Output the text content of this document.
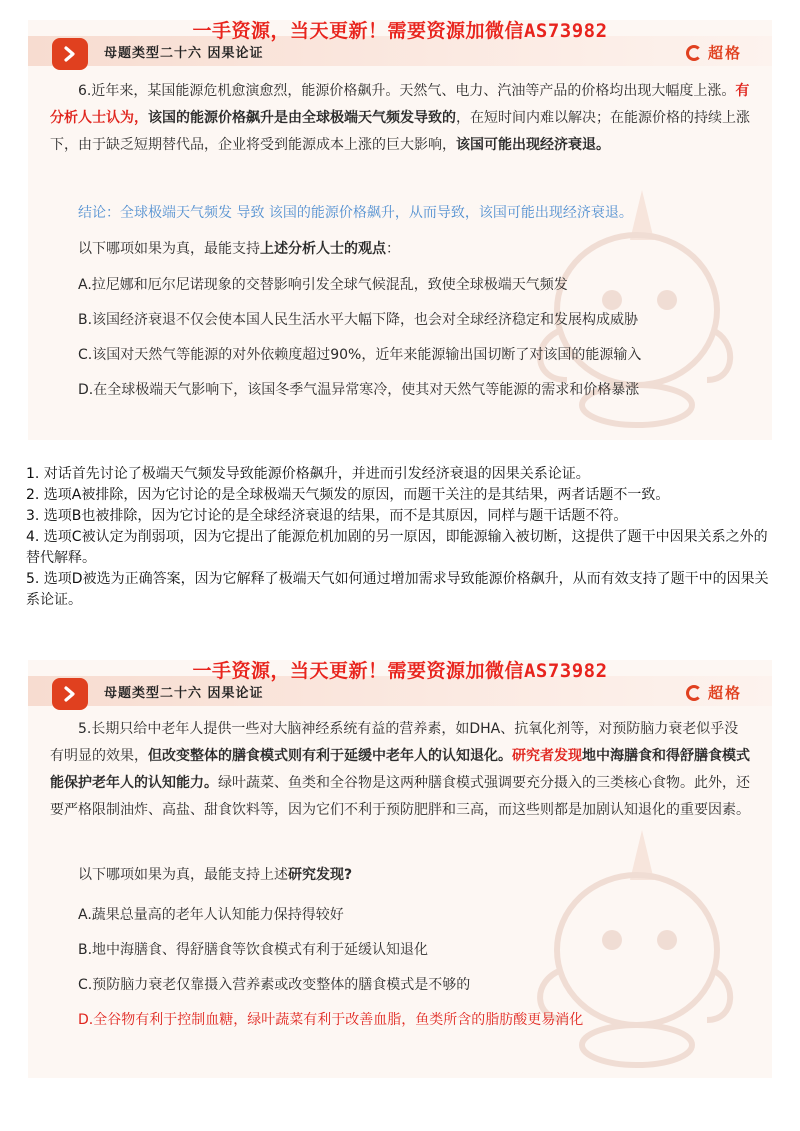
一手资源，当天更新！需要资源加微信AS73982
母题类型二十六 因果论证	超格
6.近年来，某国能源危机愈演愈烈，能源价格飙升。天然气、电力、汽油等产品的价格均出现大幅度上涨。有分析人士认为，该国的能源价格飙升是由全球极端天气频发导致的，在短时间内难以解决；在能源价格的持续上涨下，由于缺乏短期替代品，企业将受到能源成本上涨的巨大影响，该国可能出现经济衰退。
结论：全球极端天气频发 导致 该国的能源价格飙升，从而导致，该国可能出现经济衰退。
以下哪项如果为真，最能支持上述分析人士的观点：
A.拉尼娜和厄尔尼诺现象的交替影响引发全球气候混乱，致使全球极端天气频发
B.该国经济衰退不仅会使本国人民生活水平大幅下降，也会对全球经济稳定和发展构成威胁
C.该国对天然气等能源的对外依赖度超过90%，近年来能源输出国切断了对该国的能源输入
D.在全球极端天气影响下，该国冬季气温异常寒冷，使其对天然气等能源的需求和价格暴涨

1. 对话首先讨论了极端天气频发导致能源价格飙升，并进而引发经济衰退的因果关系论证。

2. 选项A被排除，因为它讨论的是全球极端天气频发的原因，而题干关注的是其结果，两者话题不一致。

3. 选项B也被排除，因为它讨论的是全球经济衰退的结果，而不是其原因，同样与题干话题不符。

4. 选项C被认定为削弱项，因为它提出了能源危机加剧的另一原因，即能源输入被切断，这提供了题干中因果关系之外的替代解释。

5. 选项D被选为正确答案，因为它解释了极端天气如何通过增加需求导致能源价格飙升，从而有效支持了题干中的因果关系论证。

一手资源，当天更新！需要资源加微信AS73982
母题类型二十六 因果论证	超格
5.长期只给中老年人提供一些对大脑神经系统有益的营养素，如DHA、抗氧化剂等，对预防脑力衰老似乎没有明显的效果，但改变整体的膳食模式则有利于延缓中老年人的认知退化。研究者发现地中海膳食和得舒膳食模式能保护老年人的认知能力。绿叶蔬菜、鱼类和全谷物是这两种膳食模式强调要充分摄入的三类核心食物。此外，还要严格限制油炸、高盐、甜食饮料等，因为它们不利于预防肥胖和三高，而这些则都是加剧认知退化的重要因素。
以下哪项如果为真，最能支持上述研究发现?
A.蔬果总量高的老年人认知能力保持得较好
B.地中海膳食、得舒膳食等饮食模式有利于延缓认知退化
C.预防脑力衰老仅靠摄入营养素或改变整体的膳食模式是不够的
D.全谷物有利于控制血糖，绿叶蔬菜有利于改善血脂，鱼类所含的脂肪酸更易消化
